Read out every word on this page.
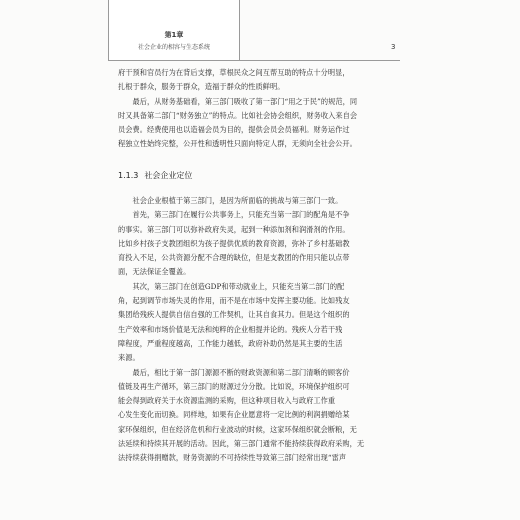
第1章
社会企业的相容与生态系统	3

府干预和官员行为在背后支撑，草根民众之间互帮互助的特点十分明显，

扎根于群众，服务于群众，造福于群众的性质鲜明。

　　最后，从财务基础看，第三部门吸收了第一部门“用之于民”的规范，同

时又具备第二部门“财务独立”的特点。比如社会协会组织，财务收入来自会

员会费。经费使用也以造福会员为目的，提供会员会员福利。财务运作过

程独立性始终完整，公开性和透明性只面向特定人群，无须向全社会公开。

1.1.3 社会企业定位

　　社会企业根植于第三部门，是因为所面临的挑战与第三部门一致。

　　首先，第三部门在履行公共事务上，只能充当第一部门的配角是不争

的事实。第三部门可以弥补政府失灵，起到一种添加剂和润滑剂的作用。

比如乡村孩子支教团组织为孩子提供优质的教育资源，弥补了乡村基础教

育投入不足，公共资源分配不合理的缺位，但是支教团的作用只能以点带

面，无法保证全覆盖。

　　其次，第三部门在创造GDP和带动就业上，只能充当第二部门的配

角，起到调节市场失灵的作用，而不是在市场中发挥主要功能。比如残友

集团给残疾人提供自信自强的工作契机，让其自食其力。但是这个组织的

生产效率和市场价值是无法和纯粹的企业相提并论的。残疾人分若干残

障程度，严重程度越高，工作能力越低，政府补助仍然是其主要的生活

来源。

　　最后，相比于第一部门源源不断的财政资源和第二部门清晰的顾客价

值链及再生产循环，第三部门的财源过分分散。比如说，环境保护组织可

能会得到政府关于水资源监测的采购，但这种项目收入与政府工作重

心发生变化而切换。同样地，如果有企业愿意将一定比例的利润捐赠给某

家环保组织，但在经济危机和行业波动的时候，这家环保组织就会断粮，无

法延续和持续其开展的活动。因此，第三部门通常不能持续获得政府采购，无

法持续获得捐赠款，财务资源的不可持续性导致第三部门经常出现“雷声
